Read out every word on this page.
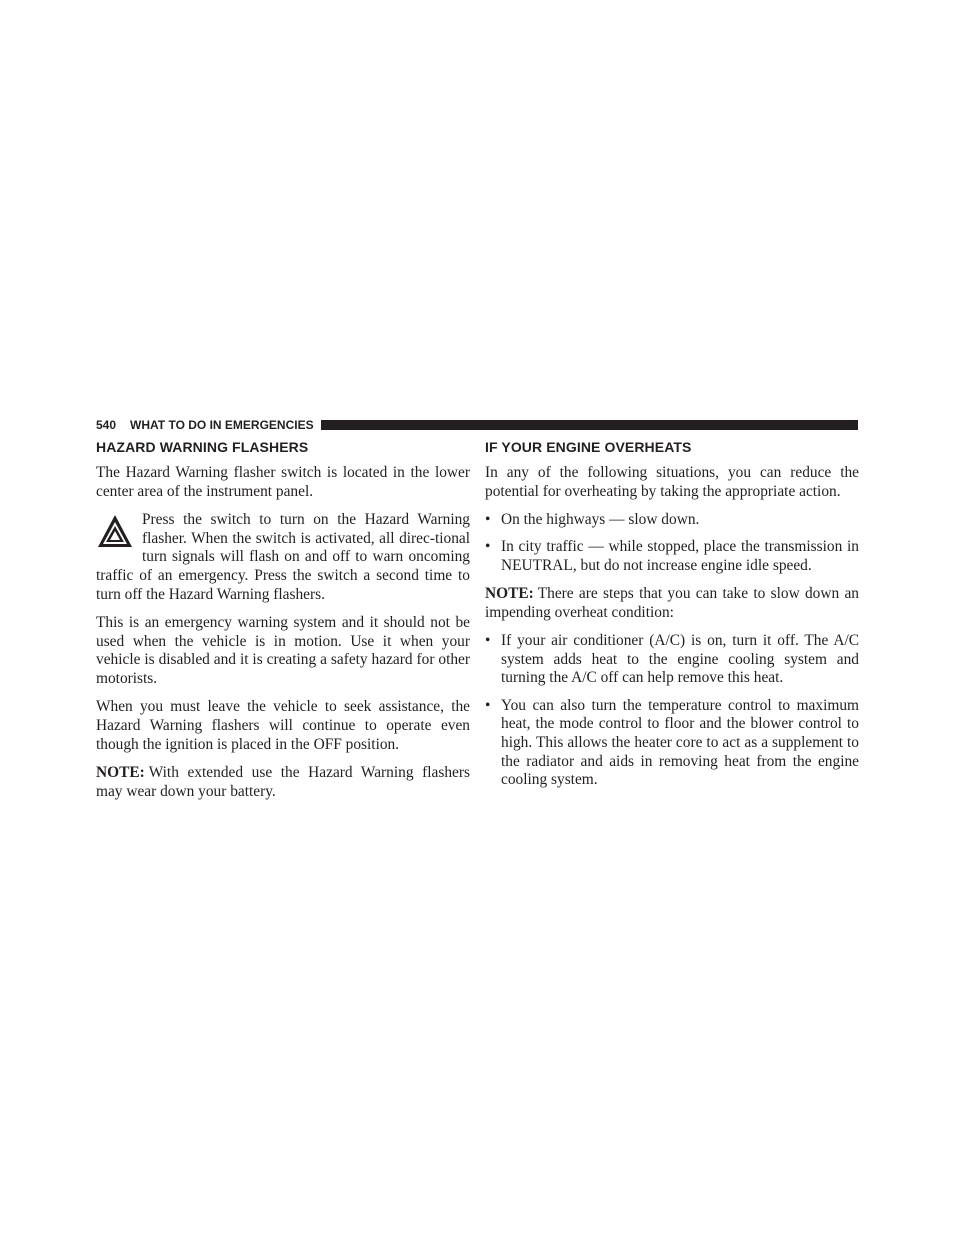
540 WHAT TO DO IN EMERGENCIES
HAZARD WARNING FLASHERS

The Hazard Warning flasher switch is located in the lower center area of the instrument panel.

Press the switch to turn on the Hazard Warning flasher. When the switch is activated, all direc-tional turn signals will flash on and off to warn oncoming traffic of an emergency. Press the switch a second time to turn off the Hazard Warning flashers.

This is an emergency warning system and it should not be used when the vehicle is in motion. Use it when your vehicle is disabled and it is creating a safety hazard for other motorists.

When you must leave the vehicle to seek assistance, the Hazard Warning flashers will continue to operate even though the ignition is placed in the OFF position.

NOTE: With extended use the Hazard Warning flashers may wear down your battery.

IF YOUR ENGINE OVERHEATS

In any of the following situations, you can reduce the potential for overheating by taking the appropriate action.

• On the highways — slow down.
• In city traffic — while stopped, place the transmission in NEUTRAL, but do not increase engine idle speed.

NOTE: There are steps that you can take to slow down an impending overheat condition:

• If your air conditioner (A/C) is on, turn it off. The A/C system adds heat to the engine cooling system and turning the A/C off can help remove this heat.
• You can also turn the temperature control to maximum heat, the mode control to floor and the blower control to high. This allows the heater core to act as a supplement to the radiator and aids in removing heat from the engine cooling system.
